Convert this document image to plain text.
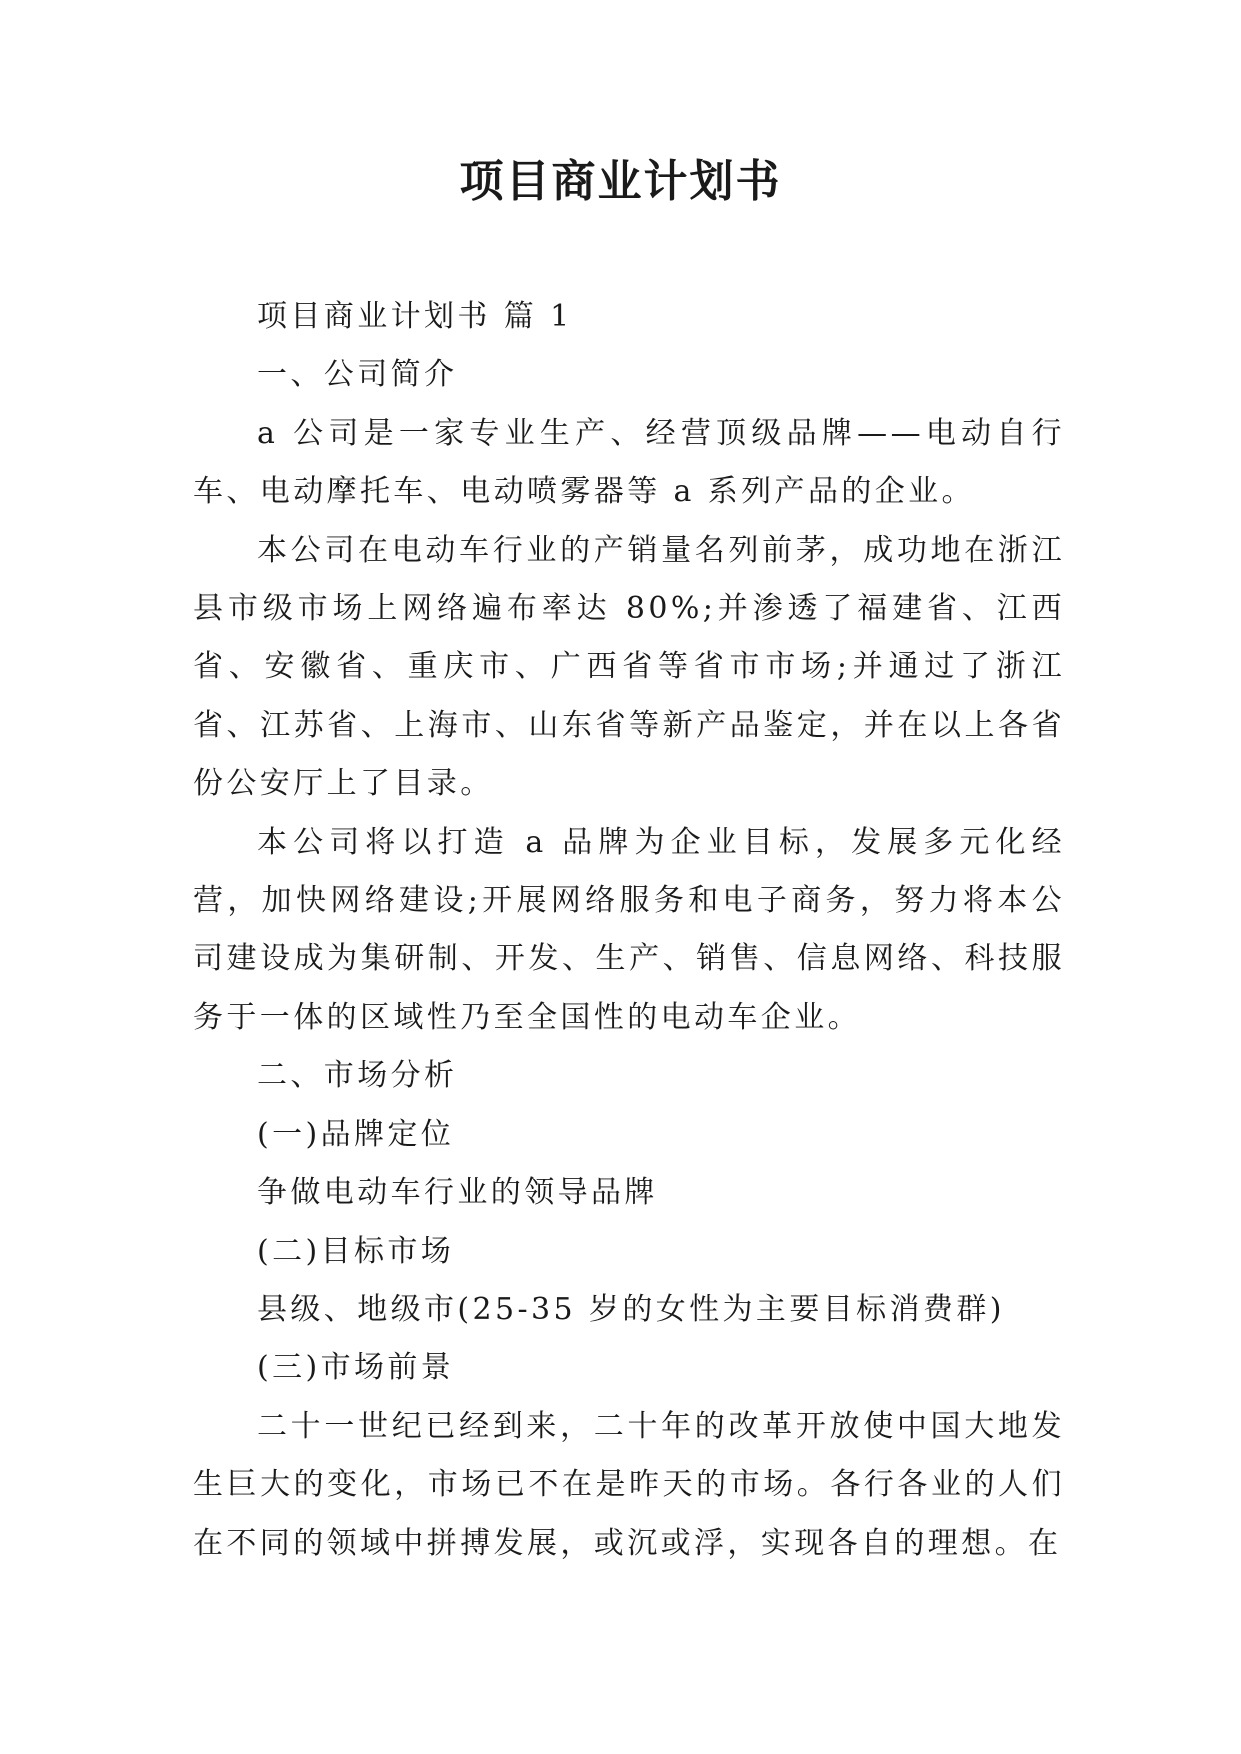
项目商业计划书

项目商业计划书 篇 1

一、公司简介

a 公司是一家专业生产、经营顶级品牌——电动自行车、电动摩托车、电动喷雾器等 a 系列产品的企业。

本公司在电动车行业的产销量名列前茅，成功地在浙江县市级市场上网络遍布率达 80%;并渗透了福建省、江西省、安徽省、重庆市、广西省等省市市场;并通过了浙江省、江苏省、上海市、山东省等新产品鉴定，并在以上各省份公安厅上了目录。

本公司将以打造 a 品牌为企业目标，发展多元化经营，加快网络建设;开展网络服务和电子商务，努力将本公司建设成为集研制、开发、生产、销售、信息网络、科技服务于一体的区域性乃至全国性的电动车企业。

二、市场分析

(一)品牌定位

争做电动车行业的领导品牌

(二)目标市场

县级、地级市(25-35 岁的女性为主要目标消费群)

(三)市场前景

二十一世纪已经到来，二十年的改革开放使中国大地发生巨大的变化，市场已不在是昨天的市场。各行各业的人们在不同的领域中拼搏发展，或沉或浮，实现各自的理想。在
